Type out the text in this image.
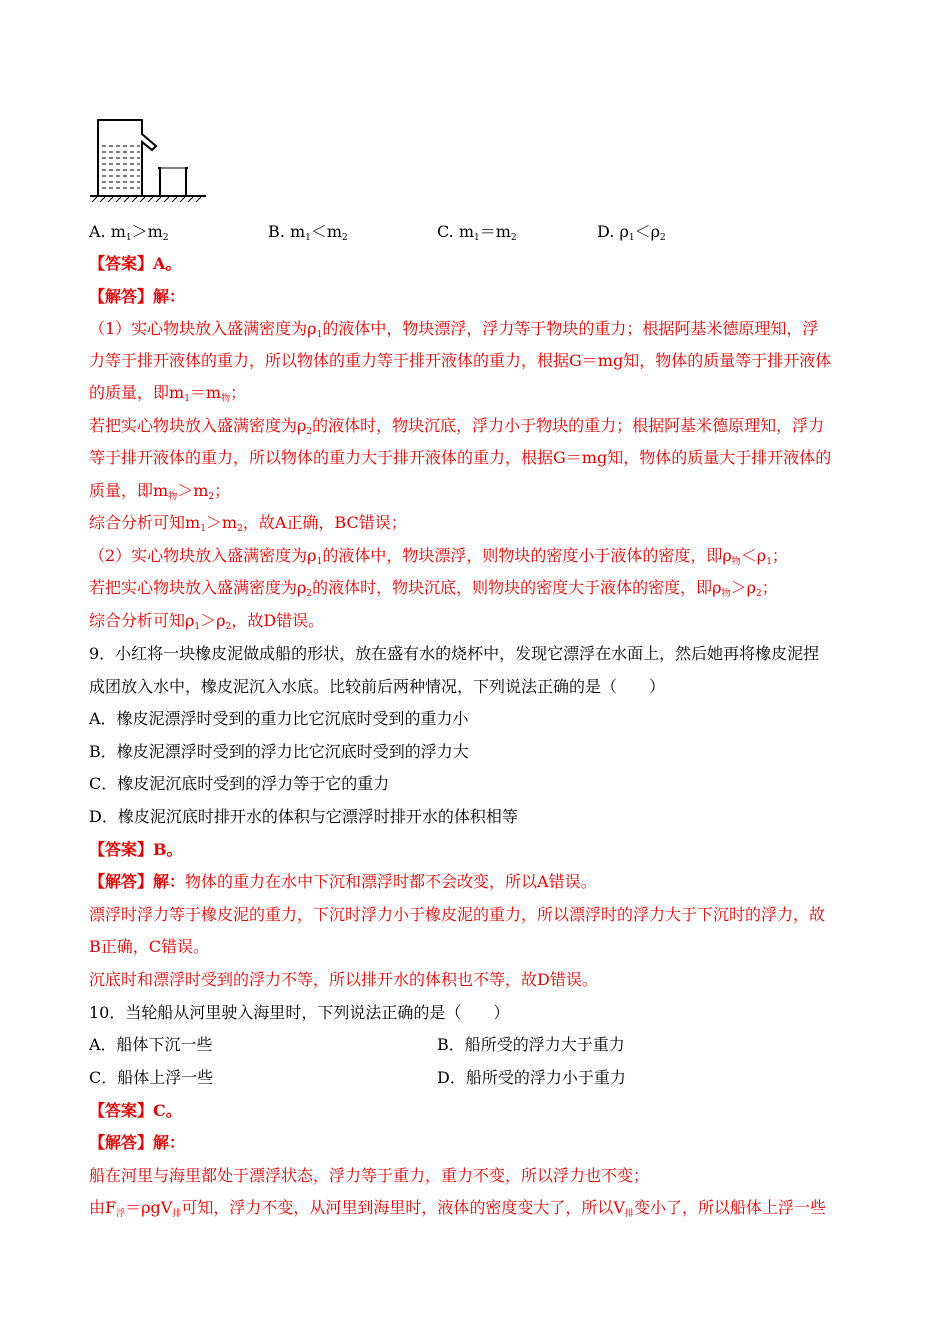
A. $m_1>m_2$	B. $m_1<m_2$	C. $m_1=m_2$	D. $\rho_1<\rho_2$
【答案】A。
【解答】解：
（1）实心物块放入盛满密度为$\rho_1$的液体中，物块漂浮，浮力等于物块的重力；根据阿基米德原理知，浮
力等于排开液体的重力，所以物体的重力等于排开液体的重力，根据G＝mg知，物体的质量等于排开液体
的质量，即$m_1=m_物$；
若把实心物块放入盛满密度为$\rho_2$的液体时，物块沉底，浮力小于物块的重力；根据阿基米德原理知，浮力
等于排开液体的重力，所以物体的重力大于排开液体的重力，根据G＝mg知，物体的质量大于排开液体的
质量，即$m_物>m_2$；
综合分析可知$m_1>m_2$，故A正确，BC错误；
（2）实心物块放入盛满密度为$\rho_1$的液体中，物块漂浮，则物块的密度小于液体的密度，即$\rho_物<\rho_1$；
若把实心物块放入盛满密度为$\rho_2$的液体时，物块沉底，则物块的密度大于液体的密度，即$\rho_物>\rho_2$；
综合分析可知$\rho_1>\rho_2$，故D错误。
9．小红将一块橡皮泥做成船的形状，放在盛有水的烧杯中，发现它漂浮在水面上，然后她再将橡皮泥捏
成团放入水中，橡皮泥沉入水底。比较前后两种情况，下列说法正确的是（　　）
A．橡皮泥漂浮时受到的重力比它沉底时受到的重力小
B．橡皮泥漂浮时受到的浮力比它沉底时受到的浮力大
C．橡皮泥沉底时受到的浮力等于它的重力
D．橡皮泥沉底时排开水的体积与它漂浮时排开水的体积相等
【答案】B。
【解答】解：物体的重力在水中下沉和漂浮时都不会改变，所以A错误。
漂浮时浮力等于橡皮泥的重力，下沉时浮力小于橡皮泥的重力，所以漂浮时的浮力大于下沉时的浮力，故
B正确，C错误。
沉底时和漂浮时受到的浮力不等，所以排开水的体积也不等，故D错误。
10．当轮船从河里驶入海里时，下列说法正确的是（　　）
A．船体下沉一些	B．船所受的浮力大于重力
C．船体上浮一些	D．船所受的浮力小于重力
【答案】C。
【解答】解：
船在河里与海里都处于漂浮状态，浮力等于重力，重力不变，所以浮力也不变；
由$F_浮=\rho gV_排$可知，浮力不变，从河里到海里时，液体的密度变大了，所以$V_排$变小了，所以船体上浮一些
